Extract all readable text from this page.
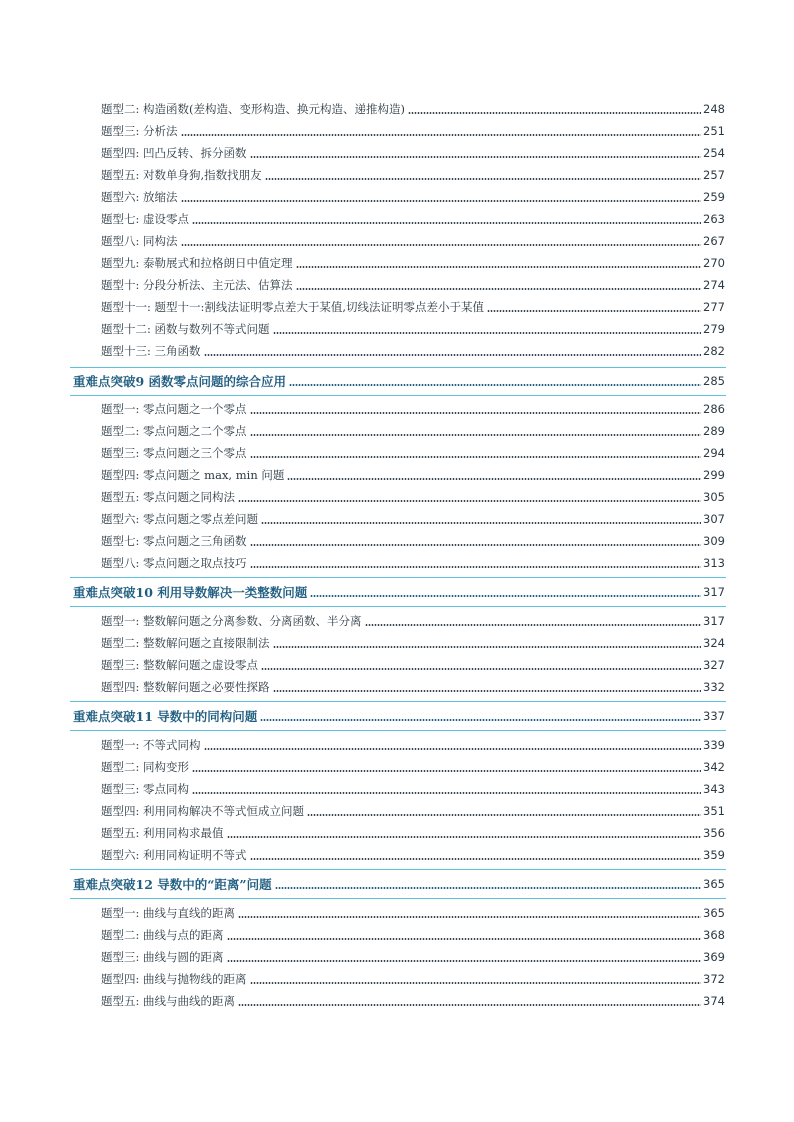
题型二: 构造函数(差构造、变形构造、换元构造、递推构造)	248
题型三: 分析法	251
题型四: 凹凸反转、拆分函数	254
题型五: 对数单身狗,指数找朋友	257
题型六: 放缩法	259
题型七: 虚设零点	263
题型八: 同构法	267
题型九: 泰勒展式和拉格朗日中值定理	270
题型十: 分段分析法、主元法、估算法	274
题型十一: 题型十一:割线法证明零点差大于某值,切线法证明零点差小于某值	277
题型十二: 函数与数列不等式问题	279
题型十三: 三角函数	282
重难点突破9 函数零点问题的综合应用	285
题型一: 零点问题之一个零点	286
题型二: 零点问题之二个零点	289
题型三: 零点问题之三个零点	294
题型四: 零点问题之 max, min 问题	299
题型五: 零点问题之同构法	305
题型六: 零点问题之零点差问题	307
题型七: 零点问题之三角函数	309
题型八: 零点问题之取点技巧	313
重难点突破10 利用导数解决一类整数问题	317
题型一: 整数解问题之分离参数、分离函数、半分离	317
题型二: 整数解问题之直接限制法	324
题型三: 整数解问题之虚设零点	327
题型四: 整数解问题之必要性探路	332
重难点突破11 导数中的同构问题	337
题型一: 不等式同构	339
题型二: 同构变形	342
题型三: 零点同构	343
题型四: 利用同构解决不等式恒成立问题	351
题型五: 利用同构求最值	356
题型六: 利用同构证明不等式	359
重难点突破12 导数中的“距离”问题	365
题型一: 曲线与直线的距离	365
题型二: 曲线与点的距离	368
题型三: 曲线与圆的距离	369
题型四: 曲线与抛物线的距离	372
题型五: 曲线与曲线的距离	374
